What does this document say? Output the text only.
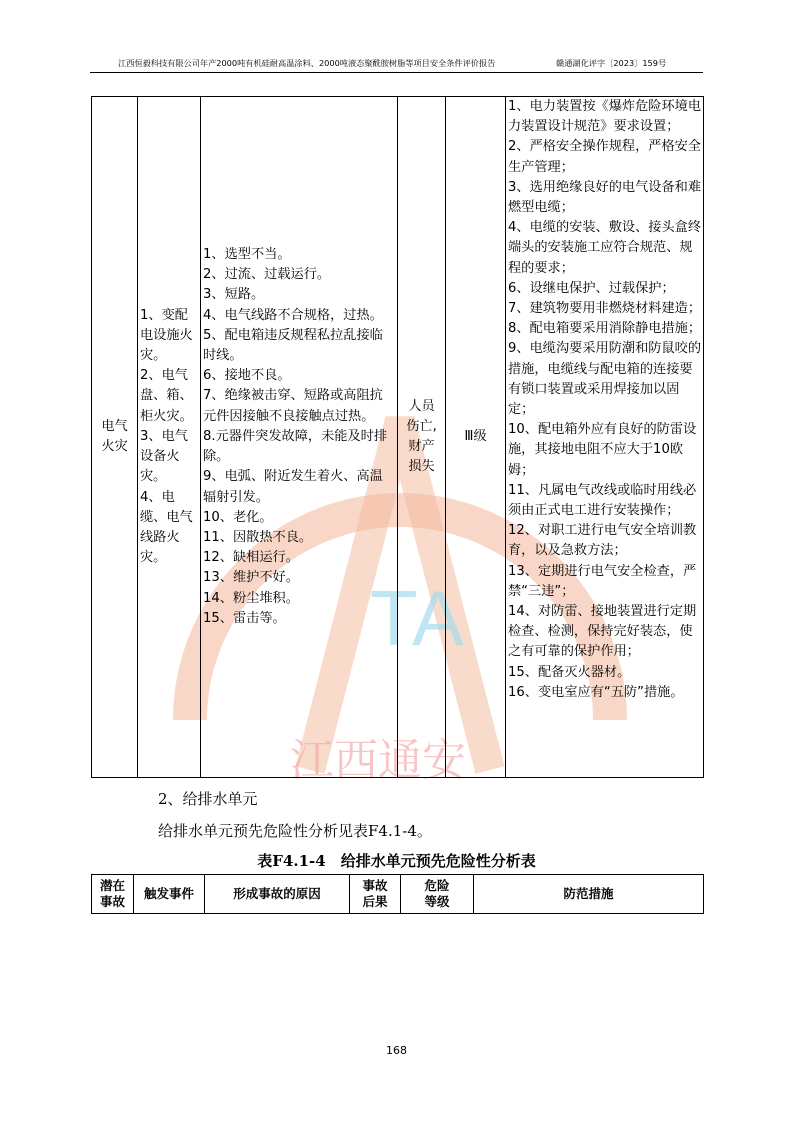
江西恒毅科技有限公司年产2000吨有机硅耐高温涂料、2000吨液态聚酰胺树脂等项目安全条件评价报告	赣通湖化评字〔2023〕159号
TA
江西通安
电气
火灾	1、变配电设施火灾。
2、电气盘、箱、柜火灾。
3、电气设备火灾。
4、电缆、电气线路火灾。	1、选型不当。
2、过流、过载运行。
3、短路。
4、电气线路不合规格，过热。
5、配电箱违反规程私拉乱接临时线。
6、接地不良。
7、绝缘被击穿、短路或高阻抗元件因接触不良接触点过热。
8.元器件突发故障，未能及时排除。
9、电弧、附近发生着火、高温辐射引发。
10、老化。
11、因散热不良。
12、缺相运行。
13、维护不好。
14、粉尘堆积。
15、雷击等。	人员
伤亡,
财产
损失	Ⅲ级	1、电力装置按《爆炸危险环境电力装置设计规范》要求设置；
2、严格安全操作规程，严格安全生产管理；
3、选用绝缘良好的电气设备和难燃型电缆；
4、电缆的安装、敷设、接头盒终端头的安装施工应符合规范、规程的要求；
6、设继电保护、过载保护；
7、建筑物要用非燃烧材料建造；
8、配电箱要采用消除静电措施；
9、电缆沟要采用防潮和防鼠咬的措施，电缆线与配电箱的连接要有锁口装置或采用焊接加以固定；
10、配电箱外应有良好的防雷设施，其接地电阻不应大于10欧姆；
11、凡属电气改线或临时用线必须由正式电工进行安装操作；
12、对职工进行电气安全培训教育，以及急救方法；
13、定期进行电气安全检查，严禁“三违”；
14、对防雷、接地装置进行定期检查、检测，保持完好装态，使之有可靠的保护作用；
15、配备灭火器材。
16、变电室应有“五防”措施。
2、给排水单元
给排水单元预先危险性分析见表F4.1-4。
表F4.1-4　给排水单元预先危险性分析表
潜在
事故	触发事件	形成事故的原因	事故
后果	危险
等级	防范措施
168
